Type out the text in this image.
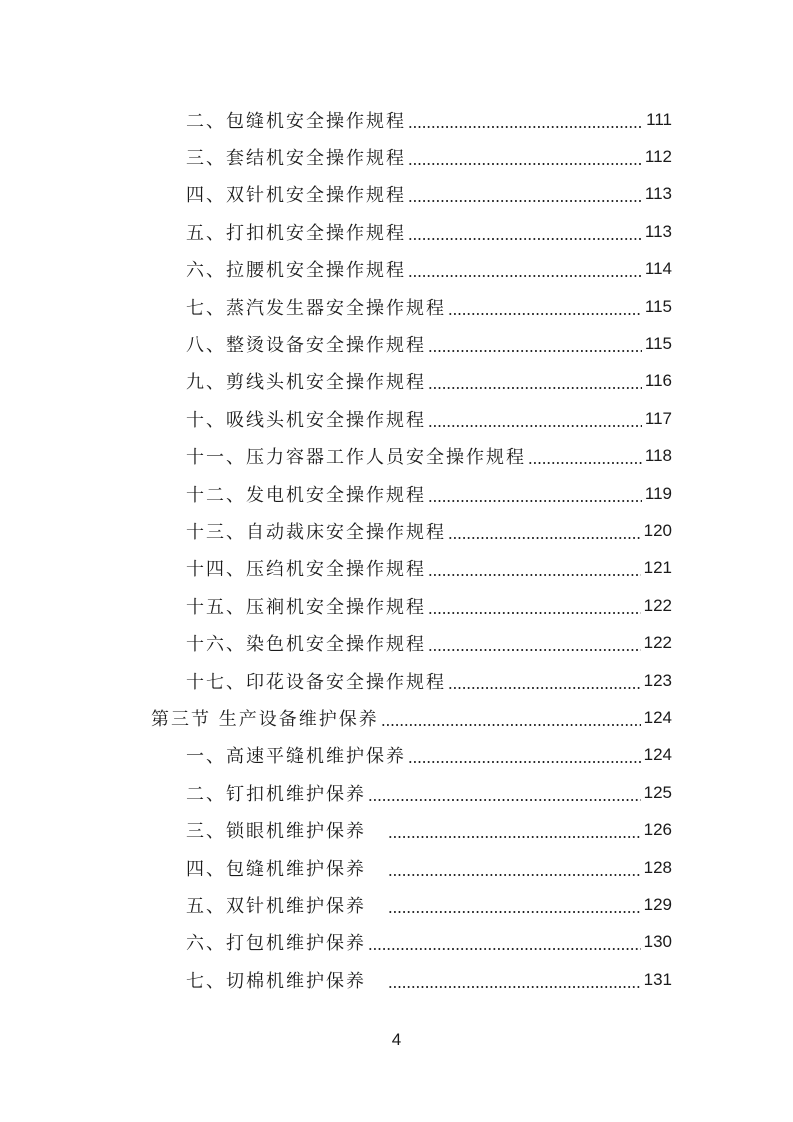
二、包缝机安全操作规程	111
三、套结机安全操作规程	112
四、双针机安全操作规程	113
五、打扣机安全操作规程	113
六、拉腰机安全操作规程	114
七、蒸汽发生器安全操作规程	115
八、整烫设备安全操作规程	115
九、剪线头机安全操作规程	116
十、吸线头机安全操作规程	117
十一、压力容器工作人员安全操作规程	118
十二、发电机安全操作规程	119
十三、自动裁床安全操作规程	120
十四、压绉机安全操作规程	121
十五、压裥机安全操作规程	122
十六、染色机安全操作规程	122
十七、印花设备安全操作规程	123
第三节 生产设备维护保养	124
一、高速平缝机维护保养	124
二、钉扣机维护保养	125
三、锁眼机维护保养	126
四、包缝机维护保养	128
五、双针机维护保养	129
六、打包机维护保养	130
七、切棉机维护保养	131
4
